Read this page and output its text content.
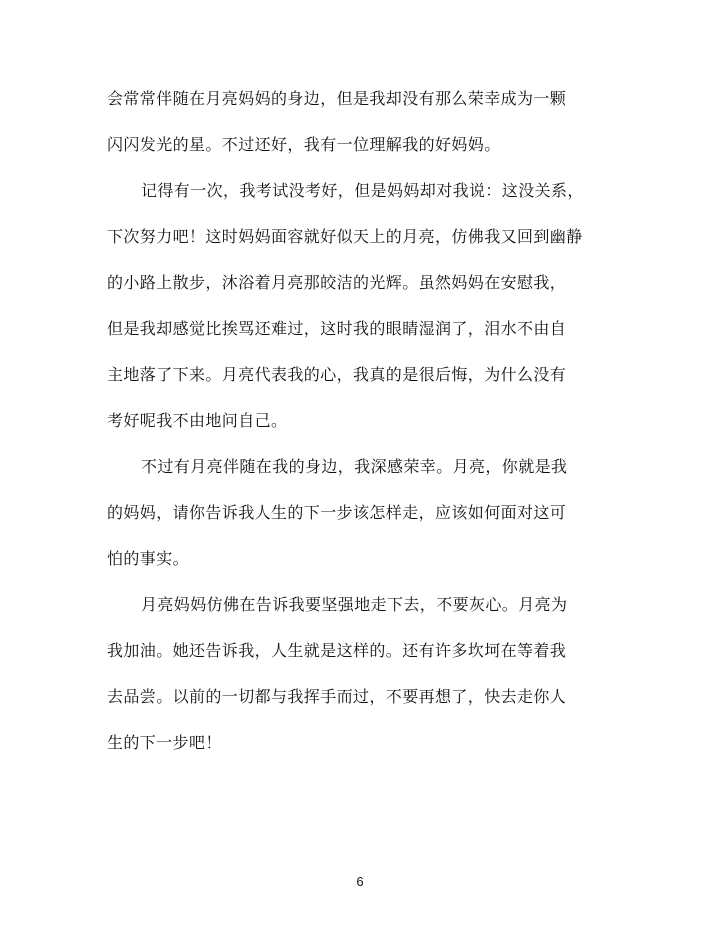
会常常伴随在月亮妈妈的身边，但是我却没有那么荣幸成为一颗
闪闪发光的星。不过还好，我有一位理解我的好妈妈。
记得有一次，我考试没考好，但是妈妈却对我说：这没关系，
下次努力吧！这时妈妈面容就好似天上的月亮，仿佛我又回到幽静
的小路上散步，沐浴着月亮那皎洁的光辉。虽然妈妈在安慰我，
但是我却感觉比挨骂还难过，这时我的眼睛湿润了，泪水不由自
主地落了下来。月亮代表我的心，我真的是很后悔，为什么没有
考好呢我不由地问自己。
不过有月亮伴随在我的身边，我深感荣幸。月亮，你就是我
的妈妈，请你告诉我人生的下一步该怎样走，应该如何面对这可
怕的事实。
月亮妈妈仿佛在告诉我要坚强地走下去，不要灰心。月亮为
我加油。她还告诉我，人生就是这样的。还有许多坎坷在等着我
去品尝。以前的一切都与我挥手而过，不要再想了，快去走你人
生的下一步吧！
6
